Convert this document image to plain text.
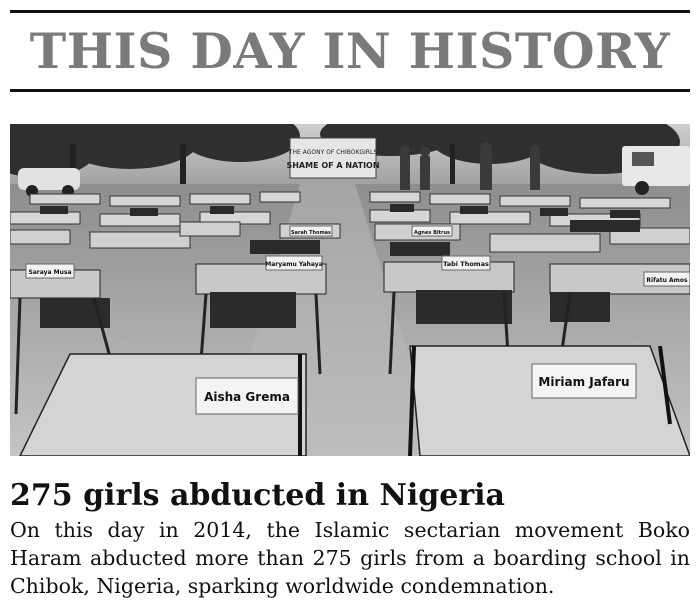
THIS DAY IN HISTORY
THE AGONY OF CHIBOKGIRLS
SHAME OF A NATION
Aisha Grema
Miriam Jafaru
Maryamu Yahaya	Tabi Thomas
Saraya Musa
Rifatu Amos
Sarah Thomas	Agnes Bitrus
275 girls abducted in Nigeria

On this day in 2014, the Islamic sectarian movement Boko Haram abducted more than 275 girls from a boarding school in Chibok, Nigeria, sparking worldwide condemnation.
